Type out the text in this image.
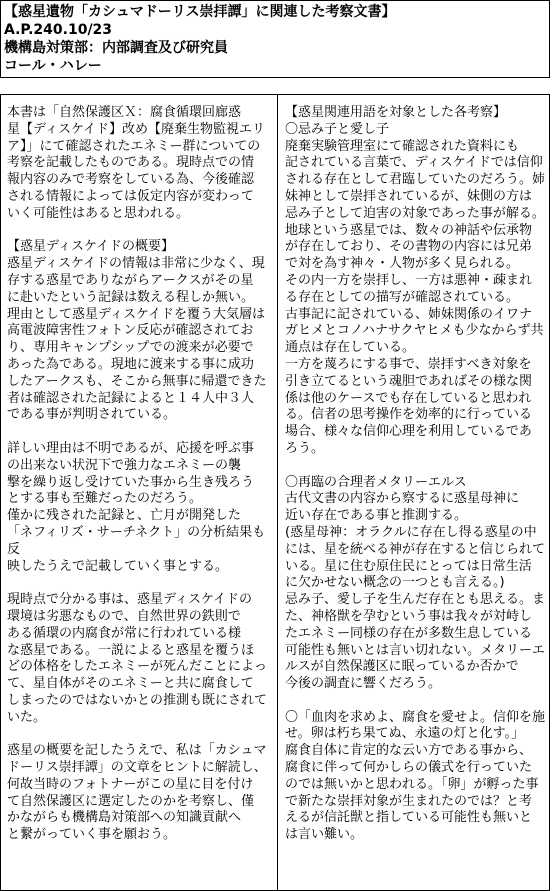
【惑星遺物「カシュマドーリス崇拝譚」に関連した考察文書】
A.P.240.10/23
機構島対策部：内部調査及び研究員
コール・ハレー

本書は「自然保護区Ｘ：腐食循環回廊惑
星【ディスケイド】改め【廃棄生物監視エリ
ア】」にて確認されたエネミー群についての
考察を記載したものである。現時点での情
報内容のみで考察をしている為、今後確認
される情報によっては仮定内容が変わって
いく可能性はあると思われる。

【惑星ディスケイドの概要】

惑星ディスケイドの情報は非常に少なく、現
存する惑星でありながらアークスがその星
に赴いたという記録は数える程しか無い。
理由として惑星ディスケイドを覆う大気層は
高電波障害性フォトン反応が確認されてお
り、専用キャンプシップでの渡来が必要で
あった為である。現地に渡来する事に成功
したアークスも、そこから無事に帰還できた
者は確認された記録によると１４人中３人
である事が判明されている。

詳しい理由は不明であるが、応援を呼ぶ事
の出来ない状況下で強力なエネミーの襲
撃を繰り返し受けていた事から生き残ろう
とする事も至難だったのだろう。
僅かに残された記録と、亡月が開発した
「ネフィリズ・サーチネクト」の分析結果も反
映したうえで記載していく事とする。

現時点で分かる事は、惑星ディスケイドの
環境は劣悪なもので、自然世界の鉄則で
ある循環の内腐食が常に行われている様
な惑星である。一説によると惑星を覆うほ
どの体格をしたエネミーが死んだことによっ
て、星自体がそのエネミーと共に腐食して
しまったのではないかとの推測も既にされて
いた。

惑星の概要を記したうえで、私は「カシュマ
ドーリス崇拝譚」の文章をヒントに解読し、
何故当時のフォトナーがこの星に目を付け
て自然保護区に選定したのかを考察し、僅
かながらも機構島対策部への知識貢献へ
と繋がっていく事を願おう。

【惑星関連用語を対象とした各考察】

〇忌み子と愛し子

廃棄実験管理室にて確認された資料にも
記されている言葉で、ディスケイドでは信仰
される存在として君臨していたのだろう。姉
妹神として崇拝されているが、妹側の方は
忌み子として迫害の対象であった事が解る。
地球という惑星では、数々の神話や伝承物
が存在しており、その書物の内容には兄弟
で対を為す神々・人物が多く見られる。
その内一方を崇拝し、一方は悪神・疎まれ
る存在としての描写が確認されている。
古事記に記されている、姉妹関係のイワナ
ガヒメとコノハナサクヤヒメも少なからず共
通点は存在している。
一方を蔑ろにする事で、崇拝すべき対象を
引き立てるという魂胆であればその様な関
係は他のケースでも存在していると思われ
る。信者の思考操作を効率的に行っている
場合、様々な信仰心理を利用しているであ
ろう。

〇再臨の合理者メタリーエルス

古代文書の内容から察するに惑星母神に
近い存在である事と推測する。
(惑星母神：オラクルに存在し得る惑星の中
には、星を統べる神が存在すると信じられて
いる。星に住む原住民にとっては日常生活
に欠かせない概念の一つとも言える。)
忌み子、愛し子を生んだ存在とも思える。ま
た、神格獣を孕むという事は我々が対峙し
たエネミー同様の存在が多数生息している
可能性も無いとは言い切れない。メタリーエ
ルスが自然保護区に眠っているか否かで
今後の調査に響くだろう。

〇「血肉を求めよ、腐食を愛せよ。信仰を施
せ。卵は朽ち果てぬ、永遠の灯と化す。」
腐食自体に肯定的な云い方である事から、
腐食に伴って何かしらの儀式を行っていた
のでは無いかと思われる。「卵」が孵った事
で新たな崇拝対象が生まれたのでは？と考
えるが信託獣と指している可能性も無いと
は言い難い。
